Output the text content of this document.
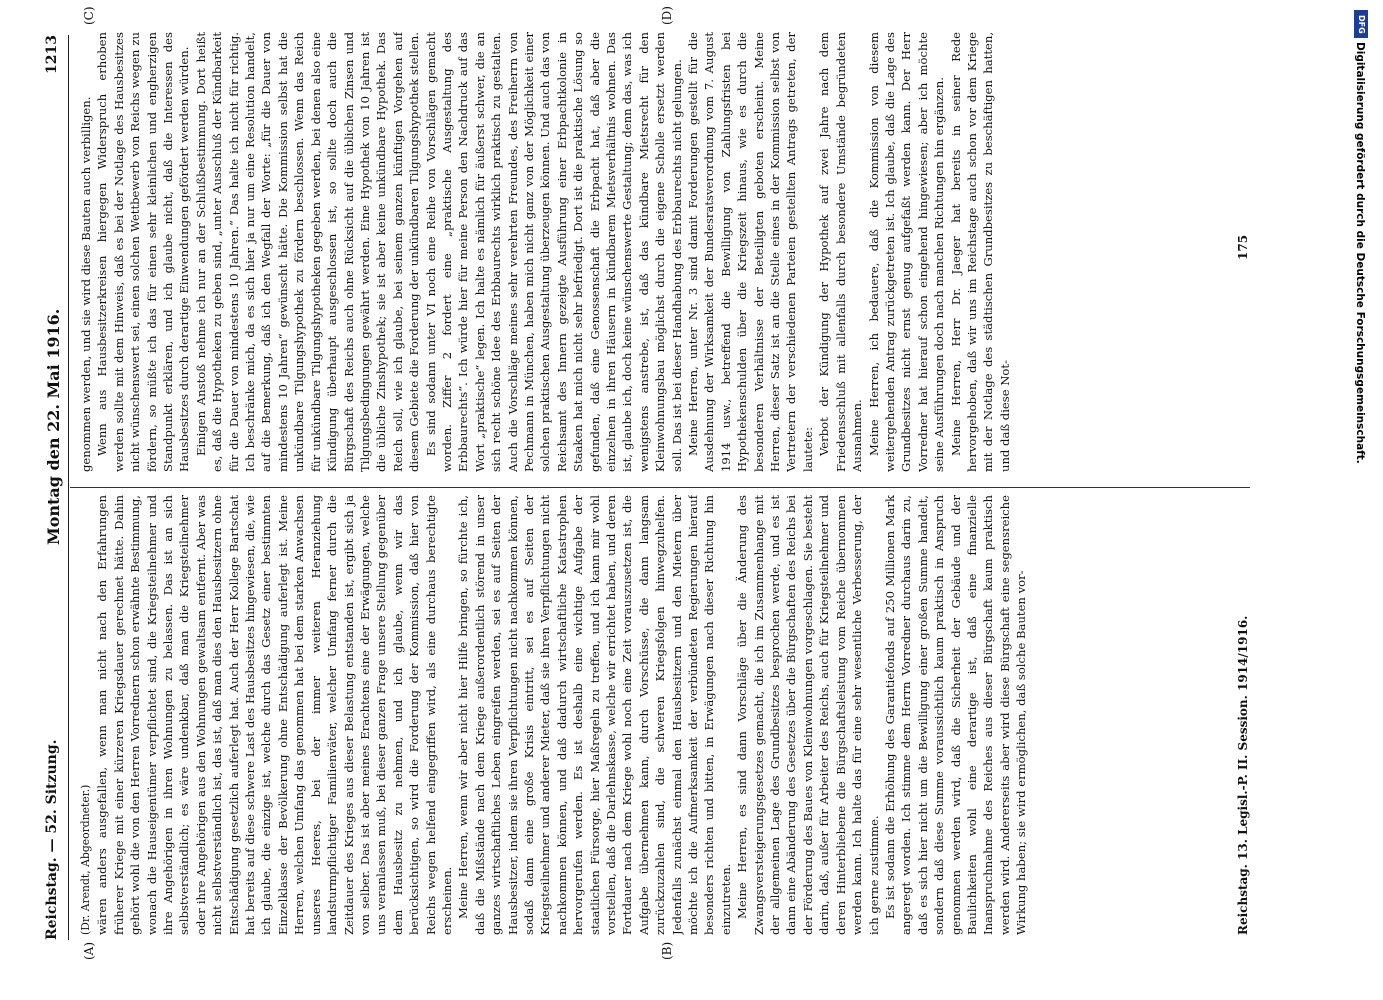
Reichstag. — 52. Sitzung.
Montag den 22. Mai 1916.
1213
(A)	(B)
(C)	(D)

(Dr. Arendt, Abgeordneter.) wären anders ausgefallen, wenn man nicht nach den Erfahrungen früherer Kriege mit einer kürzeren Kriegsdauer gerechnet hätte. Dahin gehört wohl die von den Herren Vorrednern schon erwähnte Bestimmung, wonach die Hauseigentümer verpflichtet sind, die Kriegsteilnehmer und ihre Angehörigen in ihren Wohnungen zu belassen. Das ist an sich selbstverständlich; es wäre undenkbar, daß man die Kriegsteilnehmer oder ihre Angehörigen aus den Wohnungen gewaltsam entfernt. Aber was nicht selbstverständlich ist, das ist, daß man dies den Hausbesitzern ohne Entschädigung gesetzlich auferlegt hat. Auch der Herr Kollege Bartschat hat bereits auf diese schwere Last des Hausbesitzes hingewiesen, die, wie ich glaube, die einzige ist, welche durch das Gesetz einer bestimmten Einzelklasse der Bevölkerung ohne Entschädigung auferlegt ist. Meine Herren, welchen Umfang das genommen hat bei dem starken Anwachsen unseres Heeres, bei der immer weiteren Heranziehung landsturmpflichtiger Familienväter, welcher Umfang ferner durch die Zeitdauer des Krieges aus dieser Belastung entstanden ist, ergibt sich ja von selber. Das ist aber meines Erachtens eine der Erwägungen, welche uns veranlassen muß, bei dieser ganzen Frage unsere Stellung gegenüber dem Hausbesitz zu nehmen, und ich glaube, wenn wir das berücksichtigen, so wird die Forderung der Kommission, daß hier von Reichs wegen helfend eingegriffen wird, als eine durchaus berechtigte erscheinen. Meine Herren, wenn wir aber nicht hier Hilfe bringen, so fürchte ich, daß die Mißstände nach dem Kriege außerordentlich störend in unser ganzes wirtschaftliches Leben eingreifen werden, sei es auf Seiten der Hausbesitzer, indem sie ihren Verpflichtungen nicht nachkommen können, sodaß dann eine große Krisis eintritt, sei es auf Seiten der Kriegsteilnehmer und anderer Mieter, daß sie ihren Verpflichtungen nicht nachkommen können, und daß dadurch wirtschaftliche Katastrophen hervorgerufen werden. Es ist deshalb eine wichtige Aufgabe der staatlichen Fürsorge, hier Maßregeln zu treffen, und ich kann mir wohl vorstellen, daß die Darlehnskasse, welche wir errichtet haben, und deren Fortdauer nach dem Kriege wohl noch eine Zeit vorauszusetzen ist, die Aufgabe übernehmen kann, durch Vorschüsse, die dann langsam zurückzuzahlen sind, die schweren Kriegsfolgen hinwegzuhelfen. Jedenfalls zunächst einmal den Hausbesitzern und den Mietern über möchte ich die Aufmerksamkeit der verbündeten Regierungen hierauf besonders richten und bitten, in Erwägungen nach dieser Richtung hin einzutreten. Meine Herren, es sind dann Vorschläge über die Änderung des Zwangsversteigerungsgesetzes gemacht, die ich im Zusammenhange mit der allgemeinen Lage des Grundbesitzes besprochen werde, und es ist dann eine Abänderung des Gesetzes über die Bürgschaften des Reichs bei der Förderung des Baues von Kleinwohnungen vorgeschlagen. Sie besteht darin, daß, außer für Arbeiter des Reichs, auch für Kriegsteilnehmer und deren Hinterbliebene die Bürgschaftsleistung vom Reiche übernommen werden kann. Ich halte das für eine sehr wesentliche Verbesserung, der ich gerne zustimme. Es ist sodann die Erhöhung des Garantiefonds auf 250 Millionen Mark angeregt worden. Ich stimme dem Herrn Vorredner durchaus darin zu, daß es sich hier nicht um die Bewilligung einer großen Summe handelt, sondern daß diese Summe voraussichtlich kaum praktisch in Anspruch genommen werden wird, daß die Sicherheit der Gebäude und der Baulichkeiten wohl eine derartige ist, daß eine finanzielle Inanspruchnahme des Reiches aus dieser Bürgschaft kaum praktisch werden wird. Andererseits aber wird diese Bürgschaft eine segensreiche Wirkung haben; sie wird ermöglichen, daß solche Bauten vor-

genommen werden, und sie wird diese Bauten auch verbilligen. Wenn aus Hausbesitzerkreisen hiergegen Widerspruch erhoben werden sollte mit dem Hinweis, daß es bei der Notlage des Hausbesitzes nicht wünschenswert sei, einen solchen Wettbewerb von Reichs wegen zu fördern, so müßte ich das für einen sehr kleinlichen und engherzigen Standpunkt erklären, und ich glaube nicht, daß die Interessen des Hausbesitzes durch derartige Einwendungen gefördert werden würden. Einigen Anstoß nehme ich nur an der Schlußbestimmung. Dort heißt es, daß die Hypotheken zu geben sind, „unter Ausschluß der Kündbarkeit für die Dauer von mindestens 10 Jahren.“ Das halte ich nicht für richtig. Ich beschränke mich, da es sich hier ja nur um eine Resolution handelt, auf die Bemerkung, daß ich den Wegfall der Worte: „für die Dauer von mindestens 10 Jahren“ gewünscht hätte. Die Kommission selbst hat die unkündbare Tilgungshypothek zu fördern beschlossen. Wenn das Reich für unkündbare Tilgungshypotheken gegeben werden, bei denen also eine Kündigung überhaupt ausgeschlossen ist, so sollte doch auch die Bürgschaft des Reichs auch ohne Rücksicht auf die üblichen Zinsen und Tilgungsbedingungen gewährt werden. Eine Hypothek von 10 Jahren ist die übliche Zinshypothek; sie ist aber keine unkündbare Hypothek. Das Reich soll, wie ich glaube, bei seinem ganzen künftigen Vorgehen auf diesem Gebiete die Forderung der unkündbaren Tilgungshypothek stellen. Es sind sodann unter VI noch eine Reihe von Vorschlägen gemacht worden. Ziffer 2 fordert eine „praktische Ausgestaltung des Erbbaurechts“. Ich würde hier für meine Person den Nachdruck auf das Wort „praktische“ legen. Ich halte es nämlich für äußerst schwer, die an sich recht schöne Idee des Erbbaurechts wirklich praktisch zu gestalten. Auch die Vorschläge meines sehr verehrten Freundes, des Freiherrn von Pechmann in München, haben mich nicht ganz von der Möglichkeit einer solchen praktischen Ausgestaltung überzeugen können. Und auch das von Reichsamt des Innern gezeigte Ausführung einer Erbpachtkolonie in Staaken hat mich nicht sehr befriedigt. Dort ist die praktische Lösung so gefunden, daß eine Genossenschaft die Erbpacht hat, daß aber die einzelnen in ihren Häusern in kündbarem Mietsverhältnis wohnen. Das ist, glaube ich, doch keine wünschenswerte Gestaltung; denn das, was ich wenigstens anstrebe, ist, daß das kündbare Mietsrecht für den Kleinwohnungsbau möglichst durch die eigene Scholle ersetzt werden soll. Das ist bei dieser Handhabung des Erbbaurechts nicht gelungen. Meine Herren, unter Nr. 3 sind damit Forderungen gestellt für die Ausdehnung der Wirksamkeit der Bundesratsverordnung vom 7. August 1914 usw., betreffend die Bewilligung von Zahlungsfristen bei Hypothekenschulden über die Kriegszeit hinaus, wie es durch die besonderen Verhältnisse der Beteiligten geboten erscheint. Meine Herren, dieser Satz ist an die Stelle eines in der Kommission selbst von Vertretern der verschiedenen Parteien gestellten Antrags getreten, der lautete: Verbot der Kündigung der Hypothek auf zwei Jahre nach dem Friedensschluß mit allenfalls durch besondere Umstände begründeten Ausnahmen. Meine Herren, ich bedauere, daß die Kommission von diesem weitergehenden Antrag zurückgetreten ist. Ich glaube, daß die Lage des Grundbesitzes nicht ernst genug aufgefaßt werden kann. Der Herr Vorredner hat hierauf schon eingehend hingewiesen; aber ich möchte seine Ausführungen doch nach manchen Richtungen hin ergänzen. Meine Herren, Herr Dr. Jaeger hat bereits in seiner Rede hervorgehoben, daß wir uns im Reichstage auch schon vor dem Kriege mit der Notlage des städtischen Grundbesitzes zu beschäftigen hatten, und daß diese Not-

Reichstag. 13. Legisl.-P. II. Session. 1914/1916.
175
DFG
Digitalisierung gefördert durch die Deutsche Forschungsgemeinschaft.
